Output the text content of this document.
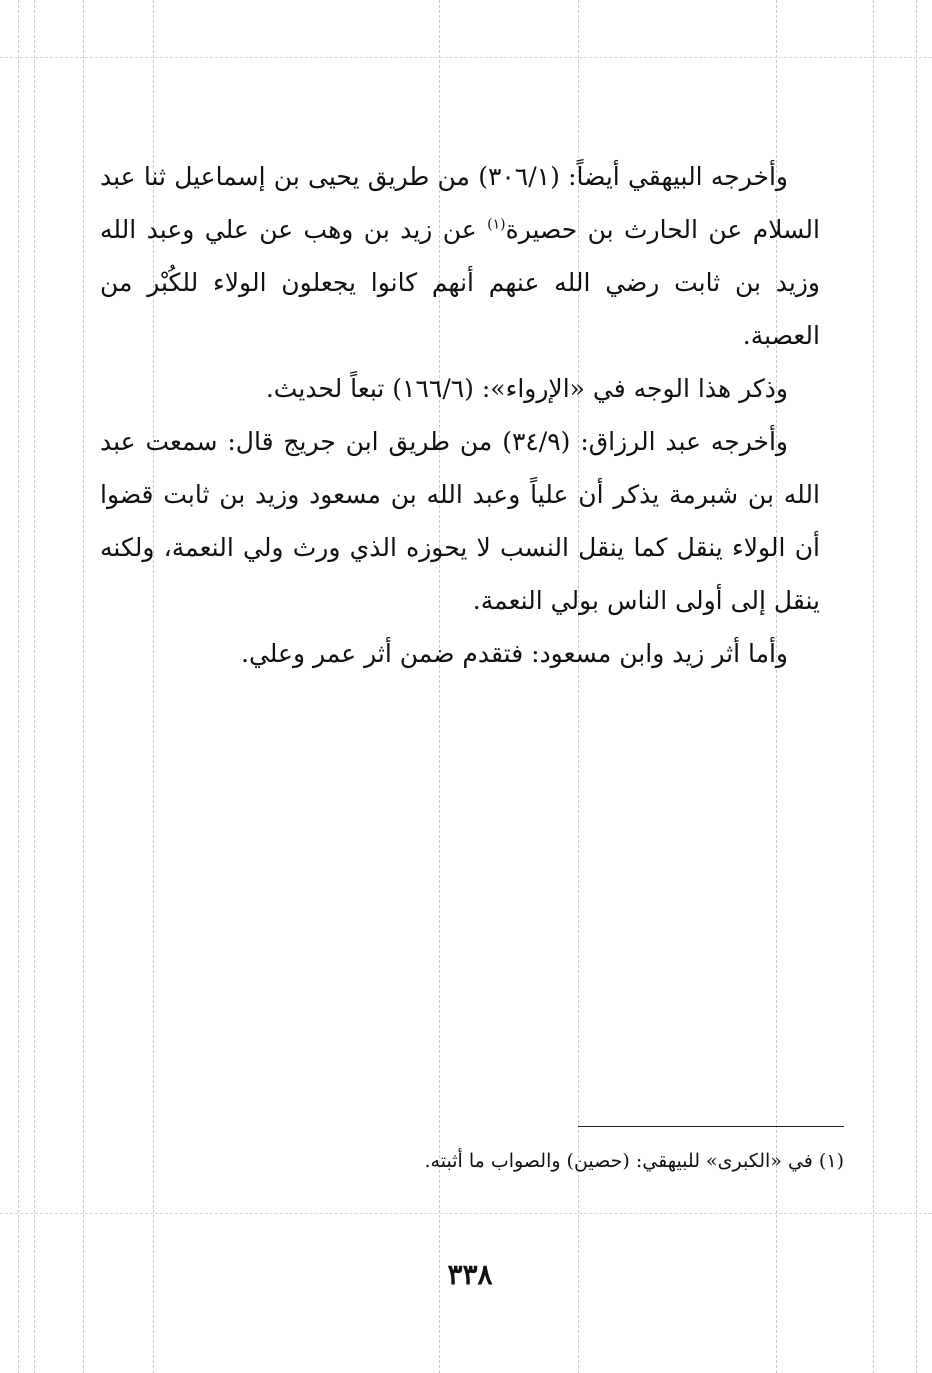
وأخرجه البيهقي أيضاً: (٣٠٦/١) من طريق يحيى بن إسماعيل ثنا عبد السلام عن الحارث بن حصيرة$^{(١)}$ عن زيد بن وهب عن علي وعبد الله وزيد بن ثابت رضي الله عنهم أنهم كانوا يجعلون الولاء للكُبْر من العصبة.

وذكر هذا الوجه في «الإرواء»: (١٦٦/٦) تبعاً لحديث.

وأخرجه عبد الرزاق: (٣٤/٩) من طريق ابن جريج قال: سمعت عبد الله بن شبرمة يذكر أن علياً وعبد الله بن مسعود وزيد بن ثابت قضوا أن الولاء ينقل كما ينقل النسب لا يحوزه الذي ورث ولي النعمة، ولكنه ينقل إلى أولى الناس بولي النعمة.

وأما أثر زيد وابن مسعود: فتقدم ضمن أثر عمر وعلي.

(١) في «الكبرى» للبيهقي: (حصين) والصواب ما أثبته.
٣٣٨
